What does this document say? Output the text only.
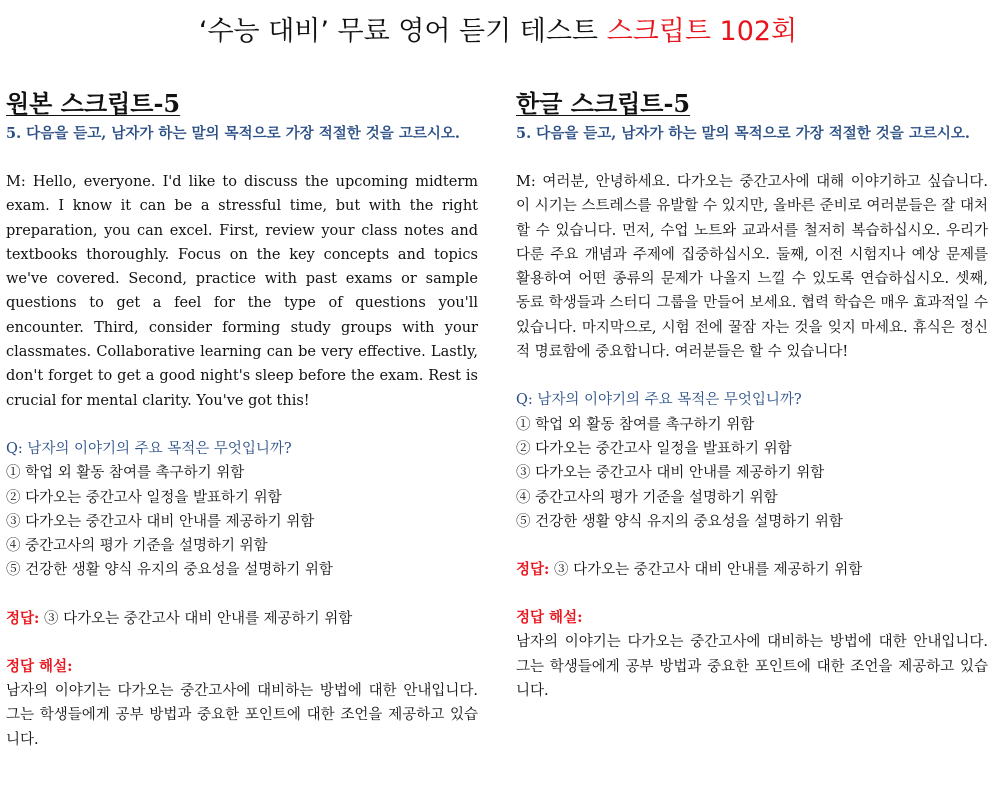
‘수능 대비’ 무료 영어 듣기 테스트 스크립트 102회
원본 스크립트-5
5. 다음을 듣고, 남자가 하는 말의 목적으로 가장 적절한 것을 고르시오.
M: Hello, everyone. I'd like to discuss the upcoming midterm exam. I know it can be a stressful time, but with the right preparation, you can excel. First, review your class notes and textbooks thoroughly. Focus on the key concepts and topics we've covered. Second, practice with past exams or sample questions to get a feel for the type of questions you'll encounter. Third, consider forming study groups with your classmates. Collaborative learning can be very effective. Lastly, don't forget to get a good night's sleep before the exam. Rest is crucial for mental clarity. You've got this!
Q: 남자의 이야기의 주요 목적은 무엇입니까?
① 학업 외 활동 참여를 촉구하기 위함
② 다가오는 중간고사 일정을 발표하기 위함
③ 다가오는 중간고사 대비 안내를 제공하기 위함
④ 중간고사의 평가 기준을 설명하기 위함
⑤ 건강한 생활 양식 유지의 중요성을 설명하기 위함
정답: ③ 다가오는 중간고사 대비 안내를 제공하기 위함
정답 해설:
남자의 이야기는 다가오는 중간고사에 대비하는 방법에 대한 안내입니다. 그는 학생들에게 공부 방법과 중요한 포인트에 대한 조언을 제공하고 있습니다.
한글 스크립트-5
5. 다음을 듣고, 남자가 하는 말의 목적으로 가장 적절한 것을 고르시오.
M: 여러분, 안녕하세요. 다가오는 중간고사에 대해 이야기하고 싶습니다. 이 시기는 스트레스를 유발할 수 있지만, 올바른 준비로 여러분들은 잘 대처할 수 있습니다. 먼저, 수업 노트와 교과서를 철저히 복습하십시오. 우리가 다룬 주요 개념과 주제에 집중하십시오. 둘째, 이전 시험지나 예상 문제를 활용하여 어떤 종류의 문제가 나올지 느낄 수 있도록 연습하십시오. 셋째, 동료 학생들과 스터디 그룹을 만들어 보세요. 협력 학습은 매우 효과적일 수 있습니다. 마지막으로, 시험 전에 꿀잠 자는 것을 잊지 마세요. 휴식은 정신적 명료함에 중요합니다. 여러분들은 할 수 있습니다!
Q: 남자의 이야기의 주요 목적은 무엇입니까?
① 학업 외 활동 참여를 촉구하기 위함
② 다가오는 중간고사 일정을 발표하기 위함
③ 다가오는 중간고사 대비 안내를 제공하기 위함
④ 중간고사의 평가 기준을 설명하기 위함
⑤ 건강한 생활 양식 유지의 중요성을 설명하기 위함
정답: ③ 다가오는 중간고사 대비 안내를 제공하기 위함
정답 해설:
남자의 이야기는 다가오는 중간고사에 대비하는 방법에 대한 안내입니다. 그는 학생들에게 공부 방법과 중요한 포인트에 대한 조언을 제공하고 있습니다.
